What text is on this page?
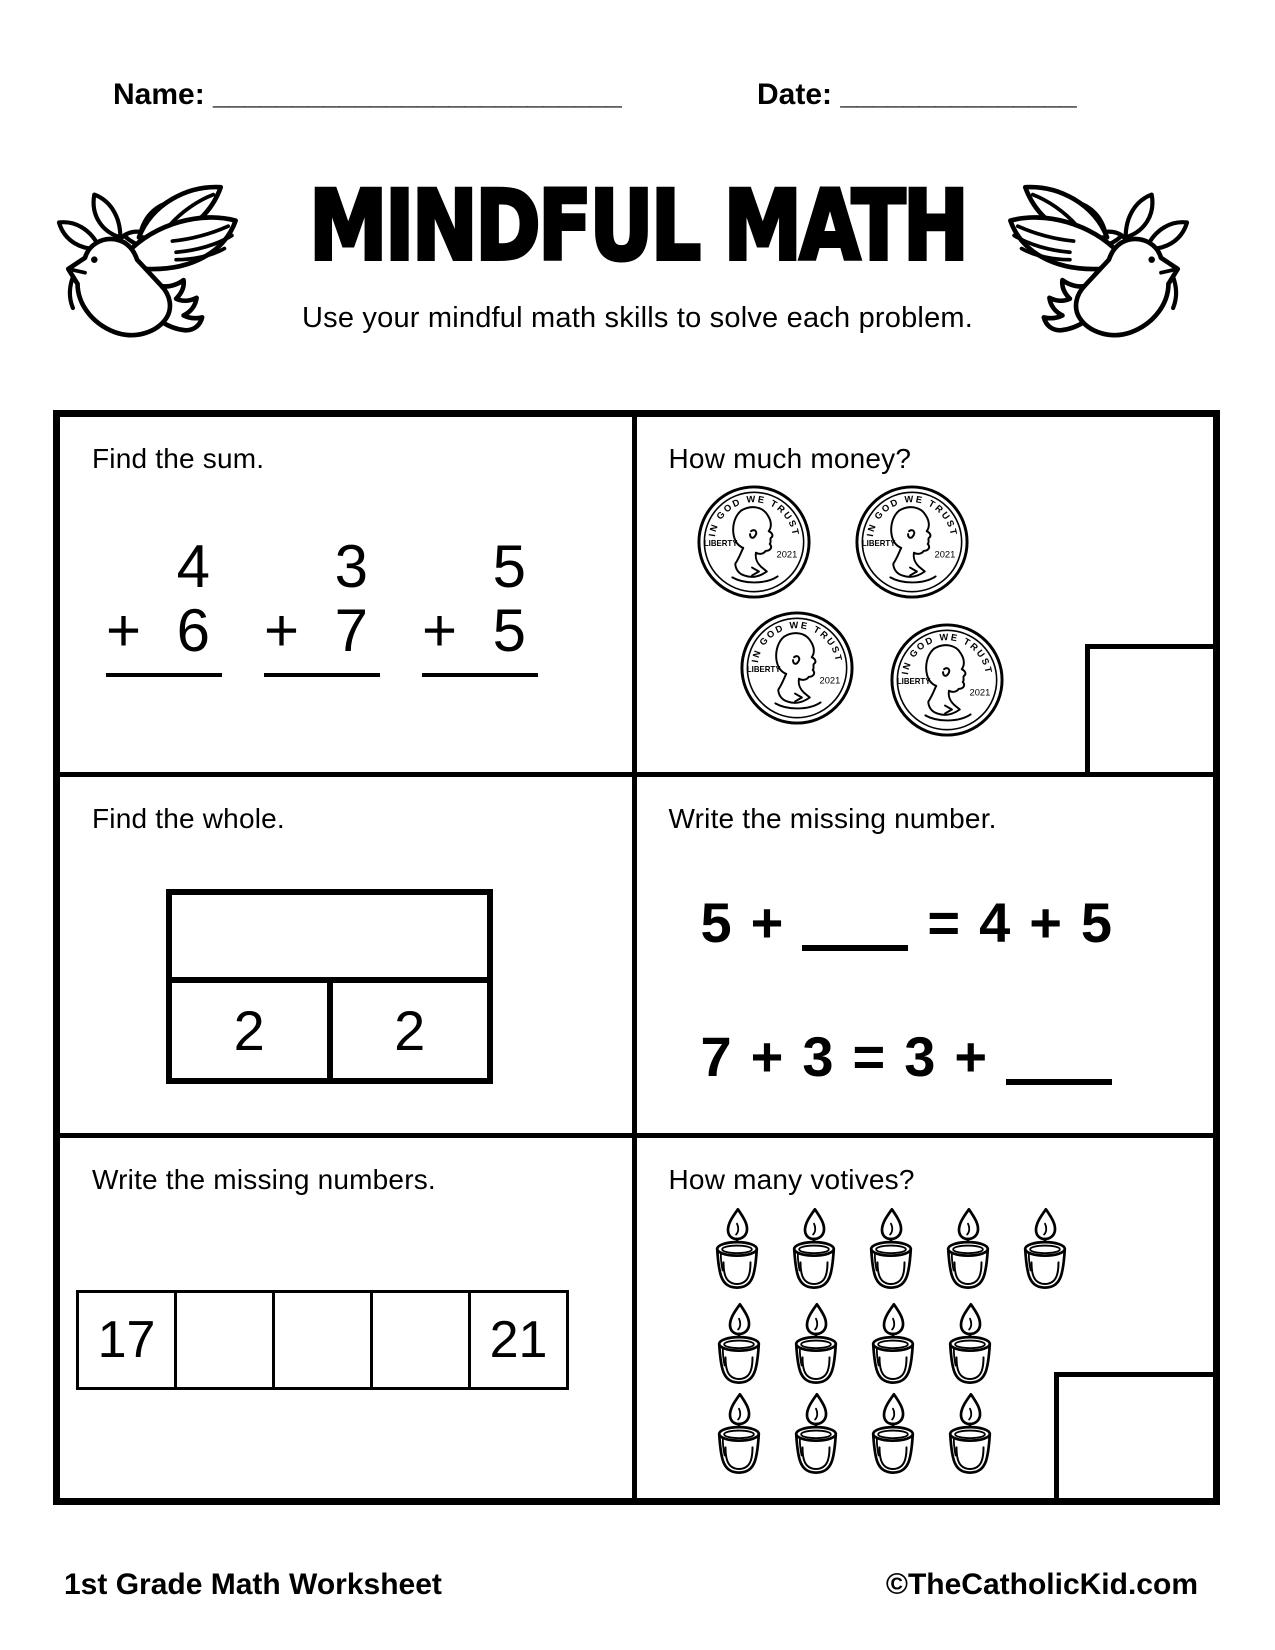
Name: __________________________	Date: _______________
MINDFUL MATH
Use your mindful math skills to solve each problem.
Find the sum.
4
+ 6
3
+ 7
5
+ 5
How much money?
Find the whole.
2	2
Write the missing number.
5 +	= 4 + 5
7 + 3 = 3 +
Write the missing numbers.
17	21
How many votives?
1st Grade Math Worksheet	©TheCatholicKid.com
